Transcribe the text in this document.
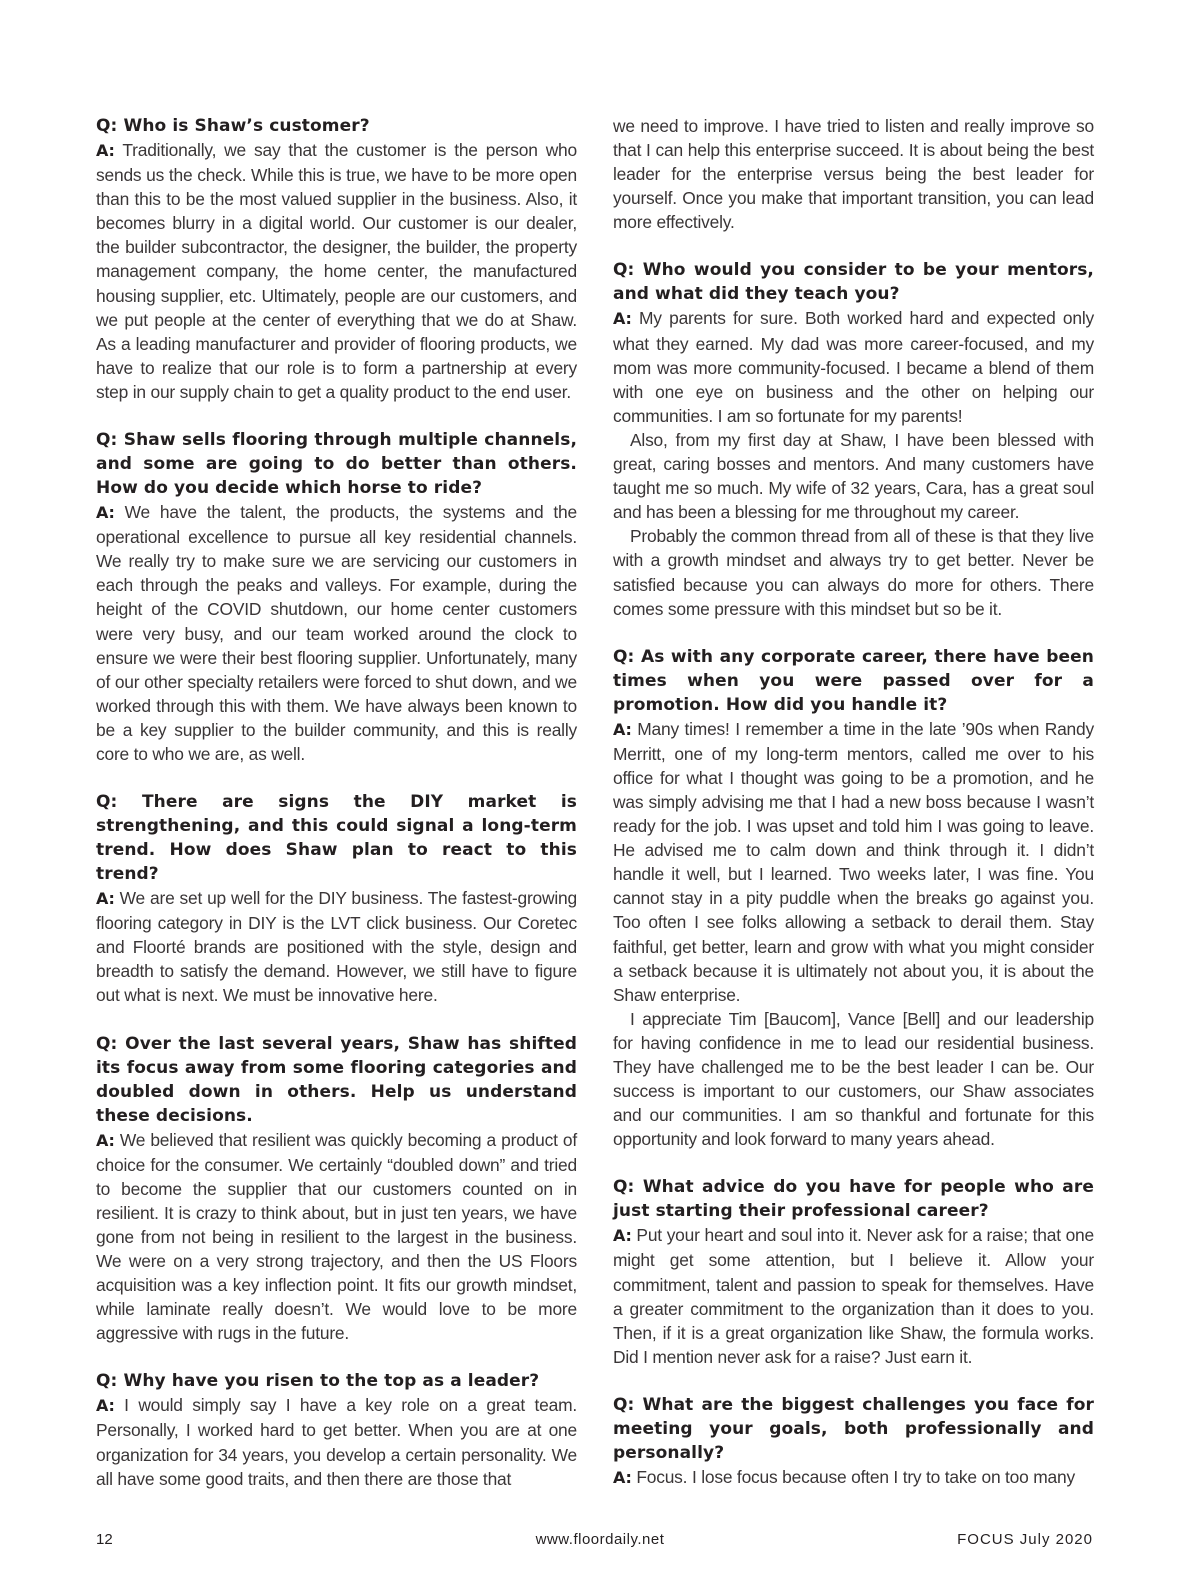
Q: Who is Shaw’s customer?

A: Traditionally, we say that the customer is the person who sends us the check. While this is true, we have to be more open than this to be the most valued supplier in the business. Also, it becomes blurry in a digital world. Our customer is our dealer, the builder subcontractor, the designer, the builder, the property management company, the home center, the manufactured housing supplier, etc. Ultimately, people are our customers, and we put people at the center of everything that we do at Shaw. As a leading manufacturer and provider of flooring products, we have to realize that our role is to form a partnership at every step in our supply chain to get a quality product to the end user.

Q: Shaw sells flooring through multiple channels, and some are going to do better than others. How do you decide which horse to ride?

A: We have the talent, the products, the systems and the operational excellence to pursue all key residential channels. We really try to make sure we are servicing our customers in each through the peaks and valleys. For example, during the height of the COVID shutdown, our home center customers were very busy, and our team worked around the clock to ensure we were their best flooring supplier. Unfortunately, many of our other specialty retailers were forced to shut down, and we worked through this with them. We have always been known to be a key supplier to the builder community, and this is really core to who we are, as well.

Q: There are signs the DIY market is strengthening, and this could signal a long-term trend. How does Shaw plan to react to this trend?

A: We are set up well for the DIY business. The fastest-growing flooring category in DIY is the LVT click business. Our Coretec and Floorté brands are positioned with the style, design and breadth to satisfy the demand. However, we still have to figure out what is next. We must be innovative here.

Q: Over the last several years, Shaw has shifted its focus away from some flooring categories and doubled down in others. Help us understand these decisions.

A: We believed that resilient was quickly becoming a product of choice for the consumer. We certainly “doubled down” and tried to become the supplier that our customers counted on in resilient. It is crazy to think about, but in just ten years, we have gone from not being in resilient to the largest in the business. We were on a very strong trajectory, and then the US Floors acquisition was a key inflection point. It fits our growth mindset, while laminate really doesn’t. We would love to be more aggressive with rugs in the future.

Q: Why have you risen to the top as a leader?

A: I would simply say I have a key role on a great team. Personally, I worked hard to get better. When you are at one organization for 34 years, you develop a certain personality. We all have some good traits, and then there are those that

we need to improve. I have tried to listen and really improve so that I can help this enterprise succeed. It is about being the best leader for the enterprise versus being the best leader for yourself. Once you make that important transition, you can lead more effectively.

Q: Who would you consider to be your mentors, and what did they teach you?

A: My parents for sure. Both worked hard and expected only what they earned. My dad was more career-focused, and my mom was more community-focused. I became a blend of them with one eye on business and the other on helping our communities. I am so fortunate for my parents!

Also, from my first day at Shaw, I have been blessed with great, caring bosses and mentors. And many customers have taught me so much. My wife of 32 years, Cara, has a great soul and has been a blessing for me throughout my career.

Probably the common thread from all of these is that they live with a growth mindset and always try to get better. Never be satisfied because you can always do more for others. There comes some pressure with this mindset but so be it.

Q: As with any corporate career, there have been times when you were passed over for a promotion. How did you handle it?

A: Many times! I remember a time in the late ’90s when Randy Merritt, one of my long-term mentors, called me over to his office for what I thought was going to be a promotion, and he was simply advising me that I had a new boss because I wasn’t ready for the job. I was upset and told him I was going to leave. He advised me to calm down and think through it. I didn’t handle it well, but I learned. Two weeks later, I was fine. You cannot stay in a pity puddle when the breaks go against you. Too often I see folks allowing a setback to derail them. Stay faithful, get better, learn and grow with what you might consider a setback because it is ultimately not about you, it is about the Shaw enterprise.

I appreciate Tim [Baucom], Vance [Bell] and our leadership for having confidence in me to lead our residential business. They have challenged me to be the best leader I can be. Our success is important to our customers, our Shaw associates and our communities. I am so thankful and fortunate for this opportunity and look forward to many years ahead.

Q: What advice do you have for people who are just starting their professional career?

A: Put your heart and soul into it. Never ask for a raise; that one might get some attention, but I believe it. Allow your commitment, talent and passion to speak for themselves. Have a greater commitment to the organization than it does to you. Then, if it is a great organization like Shaw, the formula works. Did I mention never ask for a raise? Just earn it.

Q: What are the biggest challenges you face for meeting your goals, both professionally and personally?

A: Focus. I lose focus because often I try to take on too many

www.floordaily.net
12	FOCUS July 2020
